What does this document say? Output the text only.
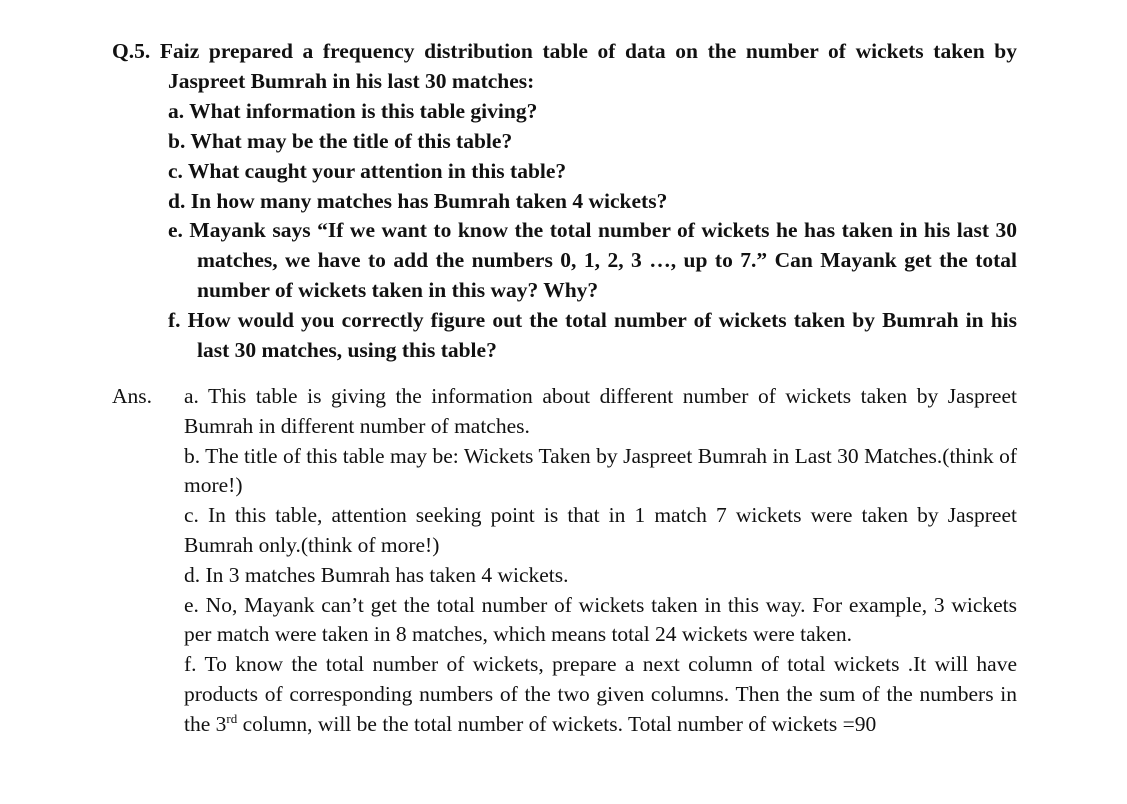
Q.5. Faiz prepared a frequency distribution table of data on the number of wickets taken by Jaspreet Bumrah in his last 30 matches:
a. What information is this table giving?
b. What may be the title of this table?
c. What caught your attention in this table?
d. In how many matches has Bumrah taken 4 wickets?
e. Mayank says “If we want to know the total number of wickets he has taken in his last 30 matches, we have to add the numbers 0, 1, 2, 3 …, up to 7.” Can Mayank get the total number of wickets taken in this way? Why?
f. How would you correctly figure out the total number of wickets taken by Bumrah in his last 30 matches, using this table?
Ans. a. This table is giving the information about different number of wickets taken by Jaspreet Bumrah in different number of matches.
b. The title of this table may be: Wickets Taken by Jaspreet Bumrah in Last 30 Matches.(think of more!)
c. In this table, attention seeking point is that in 1 match 7 wickets were taken by Jaspreet Bumrah only.(think of more!)
d. In 3 matches Bumrah has taken 4 wickets.
e. No, Mayank can’t get the total number of wickets taken in this way. For example, 3 wickets per match were taken in 8 matches, which means total 24 wickets were taken.
f. To know the total number of wickets, prepare a next column of total wickets .It will have products of corresponding numbers of the two given columns. Then the sum of the numbers in the 3rd column, will be the total number of wickets. Total number of wickets =90
